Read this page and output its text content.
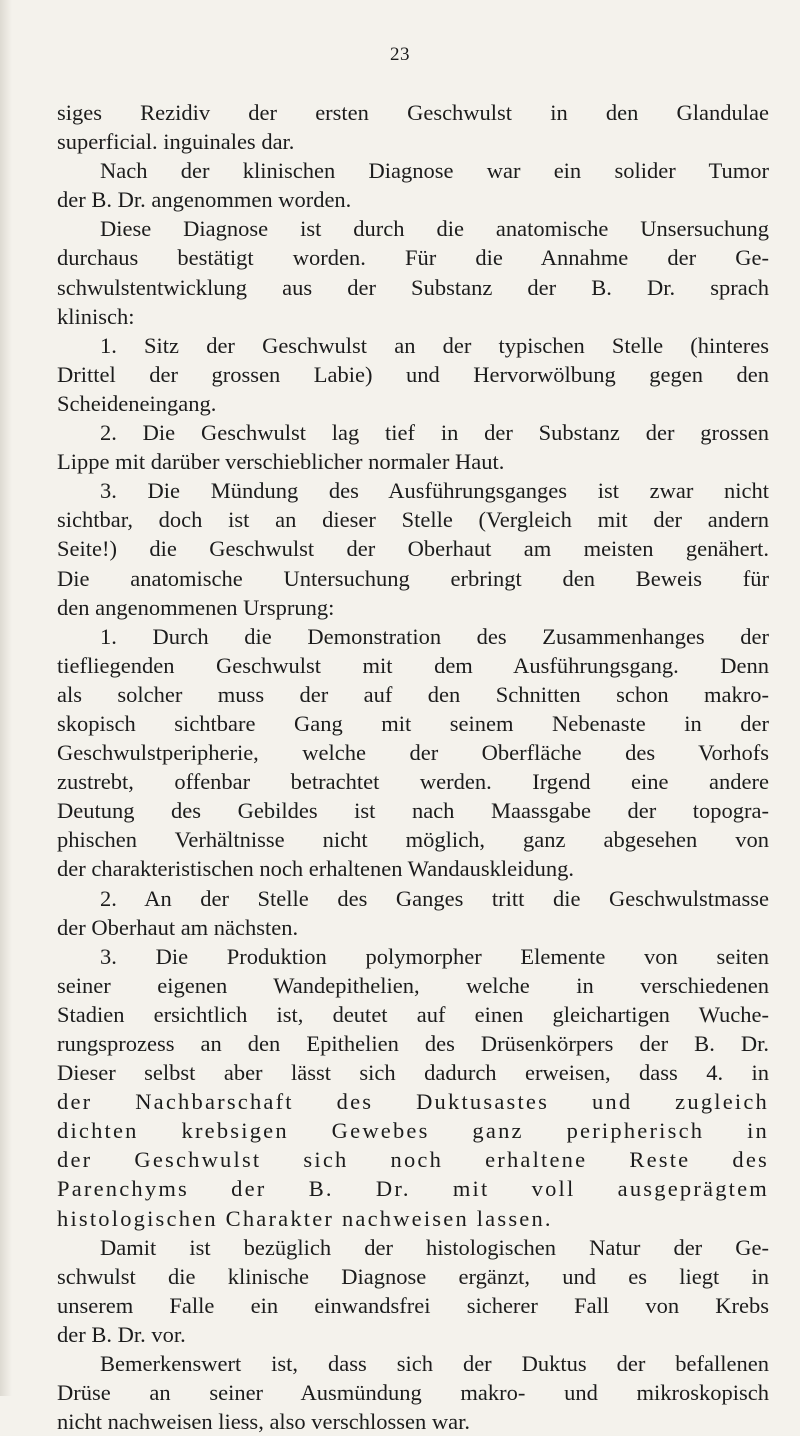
23
siges Rezidiv der ersten Geschwulst in den Glandulae
superficial. inguinales dar.
Nach der klinischen Diagnose war ein solider Tumor
der B. Dr. angenommen worden.
Diese Diagnose ist durch die anatomische Unsersuchung
durchaus bestätigt worden. Für die Annahme der Ge-
schwulstentwicklung aus der Substanz der B. Dr. sprach
klinisch:
1. Sitz der Geschwulst an der typischen Stelle (hinteres
Drittel der grossen Labie) und Hervorwölbung gegen den
Scheideneingang.
2. Die Geschwulst lag tief in der Substanz der grossen
Lippe mit darüber verschieblicher normaler Haut.
3. Die Mündung des Ausführungsganges ist zwar nicht
sichtbar, doch ist an dieser Stelle (Vergleich mit der andern
Seite!) die Geschwulst der Oberhaut am meisten genähert.
Die anatomische Untersuchung erbringt den Beweis für
den angenommenen Ursprung:
1. Durch die Demonstration des Zusammenhanges der
tiefliegenden Geschwulst mit dem Ausführungsgang. Denn
als solcher muss der auf den Schnitten schon makro-
skopisch sichtbare Gang mit seinem Nebenaste in der
Geschwulstperipherie, welche der Oberfläche des Vorhofs
zustrebt, offenbar betrachtet werden. Irgend eine andere
Deutung des Gebildes ist nach Maassgabe der topogra-
phischen Verhältnisse nicht möglich, ganz abgesehen von
der charakteristischen noch erhaltenen Wandauskleidung.
2. An der Stelle des Ganges tritt die Geschwulstmasse
der Oberhaut am nächsten.
3. Die Produktion polymorpher Elemente von seiten
seiner eigenen Wandepithelien, welche in verschiedenen
Stadien ersichtlich ist, deutet auf einen gleichartigen Wuche-
rungsprozess an den Epithelien des Drüsenkörpers der B. Dr.
Dieser selbst aber lässt sich dadurch erweisen, dass 4. in
der Nachbarschaft des Duktusastes und zugleich
dichten krebsigen Gewebes ganz peripherisch in
der Geschwulst sich noch erhaltene Reste des
Parenchyms der B. Dr. mit voll ausgeprägtem
histologischen Charakter nachweisen lassen.
Damit ist bezüglich der histologischen Natur der Ge-
schwulst die klinische Diagnose ergänzt, und es liegt in
unserem Falle ein einwandsfrei sicherer Fall von Krebs
der B. Dr. vor.
Bemerkenswert ist, dass sich der Duktus der befallenen
Drüse an seiner Ausmündung makro- und mikroskopisch
nicht nachweisen liess, also verschlossen war.
